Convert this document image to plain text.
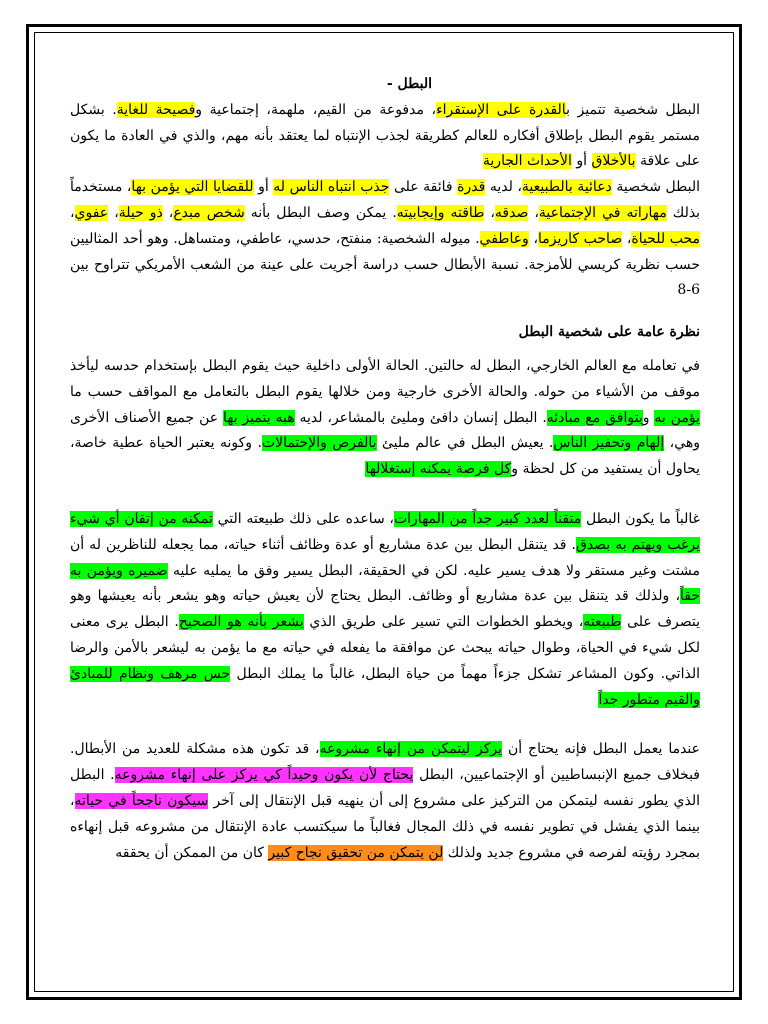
البطل -

البطل شخصية تتميز بالقدرة على الإستقراء، مدفوعة من القيم، ملهمة، إجتماعية وفصيحة للغاية. بشكل مستمر يقوم البطل بإطلاق أفكاره للعالم كطريقة لجذب الإنتباه لما يعتقد بأنه مهم، والذي في العادة ما يكون على علاقة بالأخلاق أو الأحداث الجارية

البطل شخصية دعائية بالطبيعية، لديه قدرة فائقة على جذب انتباه الناس له أو للقضايا التي يؤمن بها، مستخدماً بذلك مهاراته في الإجتماعية، صدقه، طاقته وإيجابيته. يمكن وصف البطل بأنه شخص مبدع، ذو حيلة، عفوي، محب للحياة، صاحب كاريزما، وعاطفي. ميوله الشخصية: منفتح، حدسي، عاطفي، ومتساهل. وهو أحد المثاليين حسب نظرية كريسي للأمزجة. نسبة الأبطال حسب دراسة أجريت على عينة من الشعب الأمريكي تتراوح بين 6-8

نظرة عامة على شخصية البطل

في تعامله مع العالم الخارجي، البطل له حالتين. الحالة الأولى داخلية حيث يقوم البطل بإستخدام حدسه ليأخذ موقف من الأشياء من حوله. والحالة الأخرى خارجية ومن خلالها يقوم البطل بالتعامل مع المواقف حسب ما يؤمن به ويتوافق مع مبادئه. البطل إنسان دافئ ومليئ بالمشاعر، لديه هبه يتميز بها عن جميع الأصناف الأخرى وهي، إلهام وتحفيز الناس. يعيش البطل في عالم مليئ بالفرص والإحتمالات. وكونه يعتبر الحياة عطية خاصة، يحاول أن يستفيد من كل لحظة وكل فرصة يمكنه إستغلالها

غالباً ما يكون البطل متقناً لعدد كبير جداً من المهارات، ساعده على ذلك طبيعته التي تمكنه من إتقان أي شيء يرغب ويهتم به بصدق. قد يتنقل البطل بين عدة مشاريع أو عدة وظائف أثناء حياته، مما يجعله للناظرين له أن مشتت وغير مستقر ولا هدف يسير عليه. لكن في الحقيقة، البطل يسير وفق ما يمليه عليه ضميره ويؤمن به حقاً، ولذلك قد يتنقل بين عدة مشاريع أو وظائف. البطل يحتاج لأن يعيش حياته وهو يشعر بأنه يعيشها وهو يتصرف على طبيعته، ويخطو الخطوات التي تسير على طريق الذي يشعر بأنه هو الصحيح. البطل يرى معنى لكل شيء في الحياة، وطوال حياته يبحث عن موافقة ما يفعله في حياته مع ما يؤمن به ليشعر بالأمن والرضا الذاتي. وكون المشاعر تشكل جزءاً مهماً من حياة البطل، غالباً ما يملك البطل حس مرهف ونظام للمبادئ والقيم متطور جداً

عندما يعمل البطل فإنه يحتاج أن يركز ليتمكن من إنهاء مشروعه، قد تكون هذه مشكلة للعديد من الأبطال. فبخلاف جميع الإنبساطيين أو الإجتماعيين، البطل يحتاج لأن يكون وحيداً كي يركز على إنهاء مشروعه. البطل الذي يطور نفسه ليتمكن من التركيز على مشروع إلى أن ينهيه قبل الإنتقال إلى آخر سيكون ناجحاً في حياته، بينما الذي يفشل في تطوير نفسه في ذلك المجال فغالباً ما سيكتسب عادة الإنتقال من مشروعه قبل إنهاءه بمجرد رؤيته لفرصه في مشروع جديد ولذلك لن يتمكن من تحقيق نجاح كبير كان من الممكن أن يحققه
